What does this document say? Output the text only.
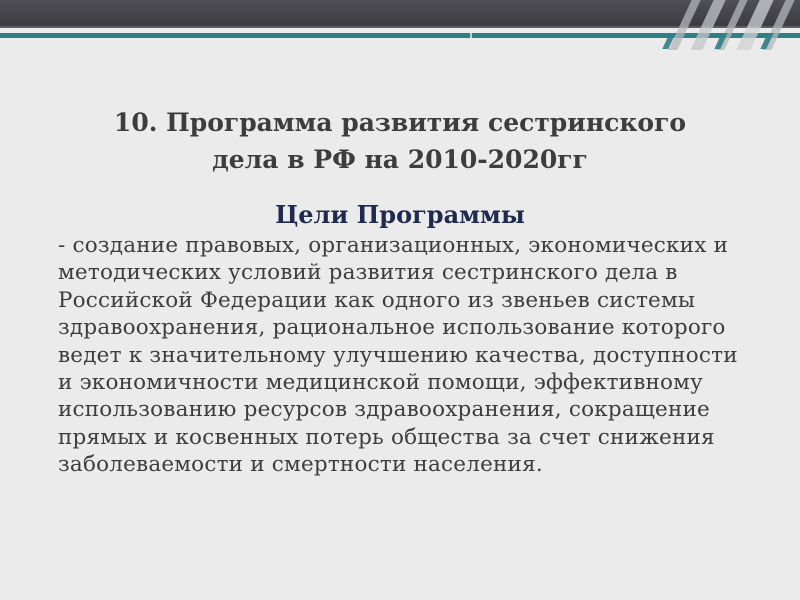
10. Программа развития сестринского
дела в РФ на 2010-2020гг
Цели Программы
- создание правовых, организационных, экономических и методических условий развития сестринского дела в Российской Федерации как одного из звеньев системы здравоохранения, рациональное использование которого ведет к значительному улучшению качества, доступности и экономичности медицинской помощи, эффективному использованию ресурсов здравоохранения, сокращение прямых и косвенных потерь общества за счет снижения заболеваемости и смертности населения.
